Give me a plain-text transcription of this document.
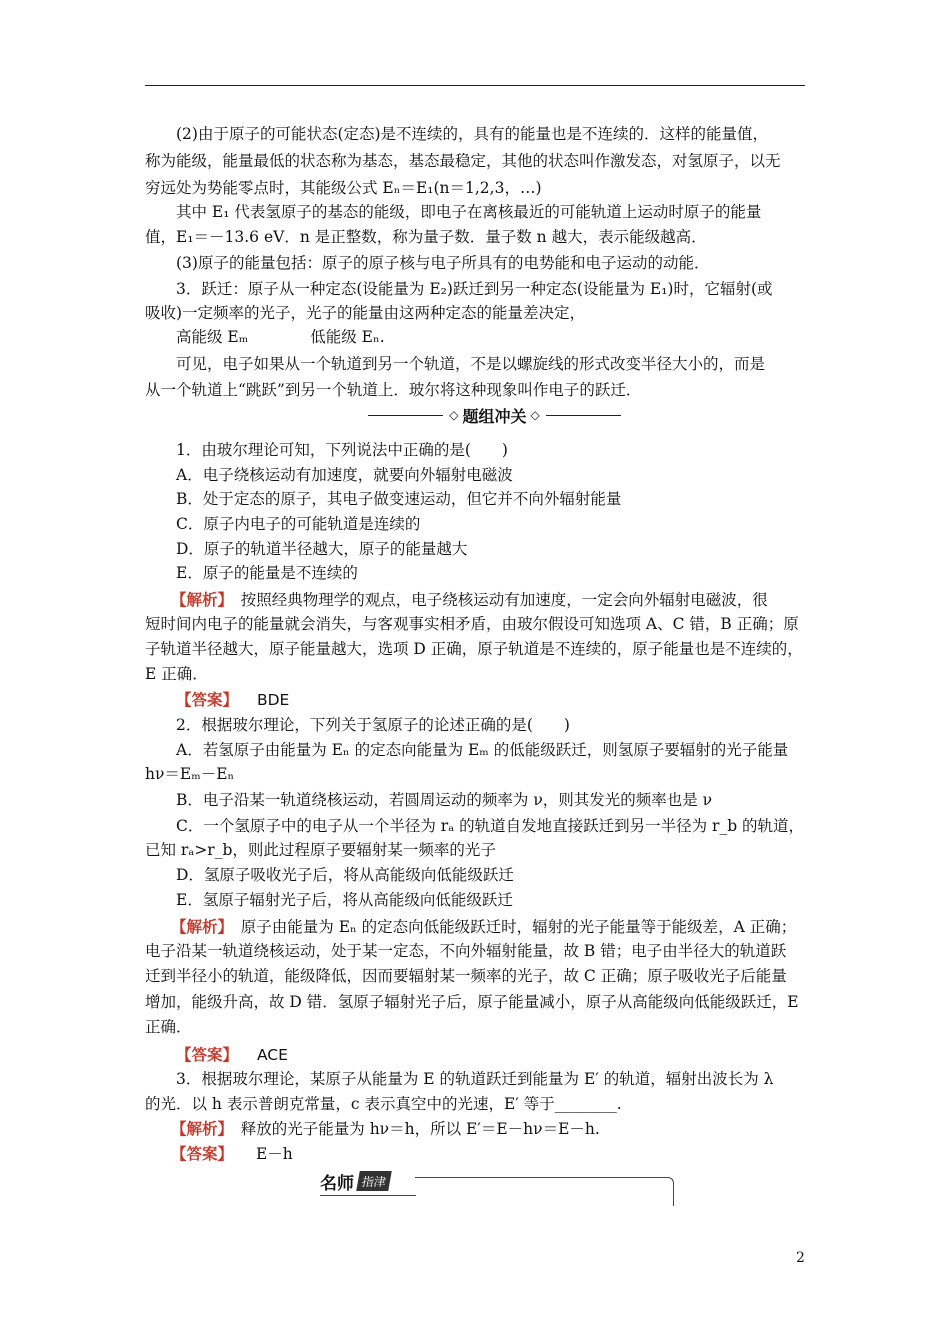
(2)由于原子的可能状态(定态)是不连续的，具有的能量也是不连续的．这样的能量值，
称为能级，能量最低的状态称为基态，基态最稳定，其他的状态叫作激发态，对氢原子，以无
穷远处为势能零点时，其能级公式 Eₙ＝E₁(n＝1,2,3，…)
其中 E₁ 代表氢原子的基态的能级，即电子在离核最近的可能轨道上运动时原子的能量
值，E₁＝－13.6 eV．n 是正整数，称为量子数．量子数 n 越大，表示能级越高．
(3)原子的能量包括：原子的原子核与电子所具有的电势能和电子运动的动能．
3．跃迁：原子从一种定态(设能量为 E₂)跃迁到另一种定态(设能量为 E₁)时，它辐射(或
吸收)一定频率的光子，光子的能量由这两种定态的能量差决定，
高能级 Eₘ　　　　低能级 Eₙ.
可见，电子如果从一个轨道到另一个轨道，不是以螺旋线的形式改变半径大小的，而是
从一个轨道上“跳跃”到另一个轨道上．玻尔将这种现象叫作电子的跃迁．
◇ 题组冲关 ◇
1．由玻尔理论可知，下列说法中正确的是(　　)
A．电子绕核运动有加速度，就要向外辐射电磁波
B．处于定态的原子，其电子做变速运动，但它并不向外辐射能量
C．原子内电子的可能轨道是连续的
D．原子的轨道半径越大，原子的能量越大
E．原子的能量是不连续的
【解析】　按照经典物理学的观点，电子绕核运动有加速度，一定会向外辐射电磁波，很
短时间内电子的能量就会消失，与客观事实相矛盾，由玻尔假设可知选项 A、C 错，B 正确；原
子轨道半径越大，原子能量越大，选项 D 正确，原子轨道是不连续的，原子能量也是不连续的，
E 正确．
【答案】 BDE
2．根据玻尔理论，下列关于氢原子的论述正确的是(　　)
A．若氢原子由能量为 Eₙ 的定态向能量为 Eₘ 的低能级跃迁，则氢原子要辐射的光子能量
hν＝Eₘ－Eₙ
B．电子沿某一轨道绕核运动，若圆周运动的频率为 ν，则其发光的频率也是 ν
C．一个氢原子中的电子从一个半径为 rₐ 的轨道自发地直接跃迁到另一半径为 r_b 的轨道，
已知 rₐ>r_b，则此过程原子要辐射某一频率的光子
D．氢原子吸收光子后，将从高能级向低能级跃迁
E．氢原子辐射光子后，将从高能级向低能级跃迁
【解析】　原子由能量为 Eₙ 的定态向低能级跃迁时，辐射的光子能量等于能级差，A 正确；
电子沿某一轨道绕核运动，处于某一定态，不向外辐射能量，故 B 错；电子由半径大的轨道跃
迁到半径小的轨道，能级降低，因而要辐射某一频率的光子，故 C 正确；原子吸收光子后能量
增加，能级升高，故 D 错．氢原子辐射光子后，原子能量减小，原子从高能级向低能级跃迁，E
正确．
【答案】 ACE
3．根据玻尔理论，某原子从能量为 E 的轨道跃迁到能量为 E′ 的轨道，辐射出波长为 λ
的光．以 h 表示普朗克常量，c 表示真空中的光速，E′ 等于________.
【解析】　释放的光子能量为 hν＝h，所以 E′＝E－hν＝E－h.
【答案】 E－h
名师 指津
2
